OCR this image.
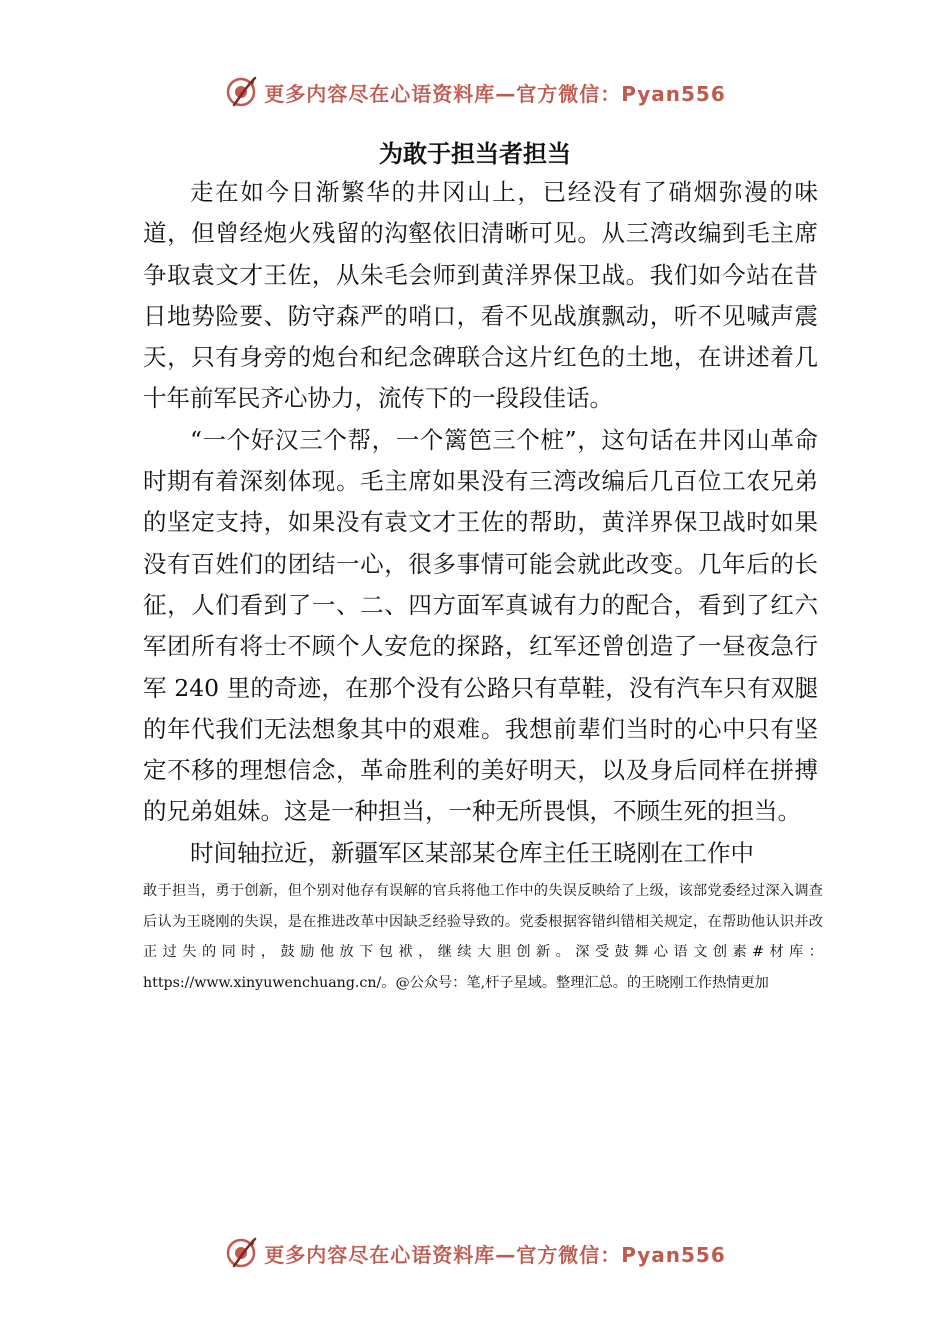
更多内容尽在心语资料库—官方微信：Pyan556
为敢于担当者担当

走在如今日渐繁华的井冈山上，已经没有了硝烟弥漫的味道，但曾经炮火残留的沟壑依旧清晰可见。从三湾改编到毛主席争取袁文才王佐，从朱毛会师到黄洋界保卫战。我们如今站在昔日地势险要、防守森严的哨口，看不见战旗飘动，听不见喊声震天，只有身旁的炮台和纪念碑联合这片红色的土地，在讲述着几十年前军民齐心协力，流传下的一段段佳话。

“一个好汉三个帮，一个篱笆三个桩”，这句话在井冈山革命时期有着深刻体现。毛主席如果没有三湾改编后几百位工农兄弟的坚定支持，如果没有袁文才王佐的帮助，黄洋界保卫战时如果没有百姓们的团结一心，很多事情可能会就此改变。几年后的长征，人们看到了一、二、四方面军真诚有力的配合，看到了红六军团所有将士不顾个人安危的探路，红军还曾创造了一昼夜急行军 240 里的奇迹，在那个没有公路只有草鞋，没有汽车只有双腿的年代我们无法想象其中的艰难。我想前辈们当时的心中只有坚定不移的理想信念，革命胜利的美好明天，以及身后同样在拼搏的兄弟姐妹。这是一种担当，一种无所畏惧，不顾生死的担当。

时间轴拉近，新疆军区某部某仓库主任王晓刚在工作中

敢于担当，勇于创新，但个别对他存有误解的官兵将他工作中的失误反映给了上级，该部党委经过深入调查后认为王晓刚的失误，是在推进改革中因缺乏经验导致的。党委根据容错纠错相关规定，在帮助他认识并改正过失的同时，鼓励他放下包袱，继续大胆创新。深受鼓舞心语文创素#材库：https://www.xinyuwenchuang.cn/。@公众号：笔,杆子星域。整理汇总。的王晓刚工作热情更加

更多内容尽在心语资料库—官方微信：Pyan556
